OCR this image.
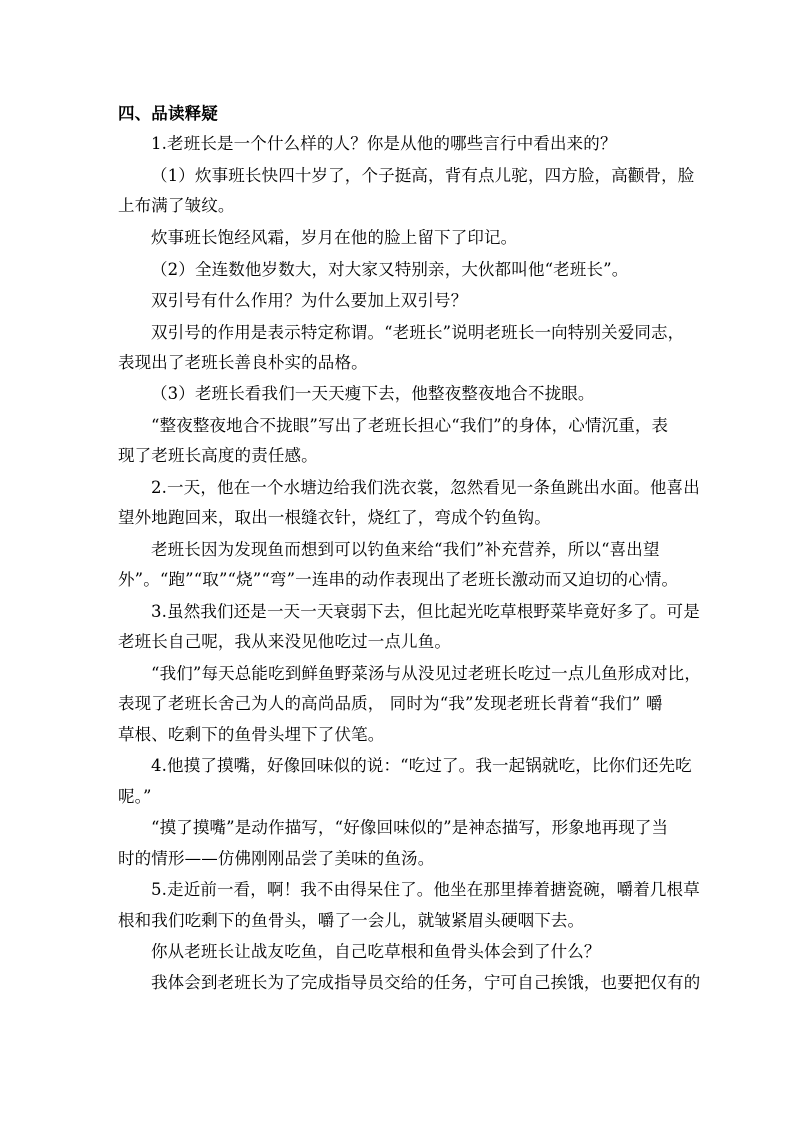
四、品读释疑
1.老班长是一个什么样的人？你是从他的哪些言行中看出来的？
（1）炊事班长快四十岁了，个子挺高，背有点儿驼，四方脸，高颧骨，脸
上布满了皱纹。
炊事班长饱经风霜，岁月在他的脸上留下了印记。
（2）全连数他岁数大，对大家又特别亲，大伙都叫他“老班长”。
双引号有什么作用？为什么要加上双引号？
双引号的作用是表示特定称谓。“老班长”说明老班长一向特别关爱同志，
表现出了老班长善良朴实的品格。
（3）老班长看我们一天天瘦下去，他整夜整夜地合不拢眼。
“整夜整夜地合不拢眼”写出了老班长担心“我们”的身体，心情沉重，表
现了老班长高度的责任感。
2.一天，他在一个水塘边给我们洗衣裳，忽然看见一条鱼跳出水面。他喜出
望外地跑回来，取出一根缝衣针，烧红了，弯成个钓鱼钩。
老班长因为发现鱼而想到可以钓鱼来给“我们”补充营养，所以“喜出望
外”。“跑”“取”“烧”“弯”一连串的动作表现出了老班长激动而又迫切的心情。
3.虽然我们还是一天一天衰弱下去，但比起光吃草根野菜毕竟好多了。可是
老班长自己呢，我从来没见他吃过一点儿鱼。
“我们”每天总能吃到鲜鱼野菜汤与从没见过老班长吃过一点儿鱼形成对比，
表现了老班长舍己为人的高尚品质， 同时为“我”发现老班长背着“我们” 嚼
草根、吃剩下的鱼骨头埋下了伏笔。
4.他摸了摸嘴，好像回味似的说：“吃过了。我一起锅就吃，比你们还先吃
呢。”
“摸了摸嘴”是动作描写，“好像回味似的”是神态描写，形象地再现了当
时的情形——仿佛刚刚品尝了美味的鱼汤。
5.走近前一看，啊！我不由得呆住了。他坐在那里捧着搪瓷碗，嚼着几根草
根和我们吃剩下的鱼骨头，嚼了一会儿，就皱紧眉头硬咽下去。
你从老班长让战友吃鱼，自己吃草根和鱼骨头体会到了什么？
我体会到老班长为了完成指导员交给的任务，宁可自己挨饿，也要把仅有的
